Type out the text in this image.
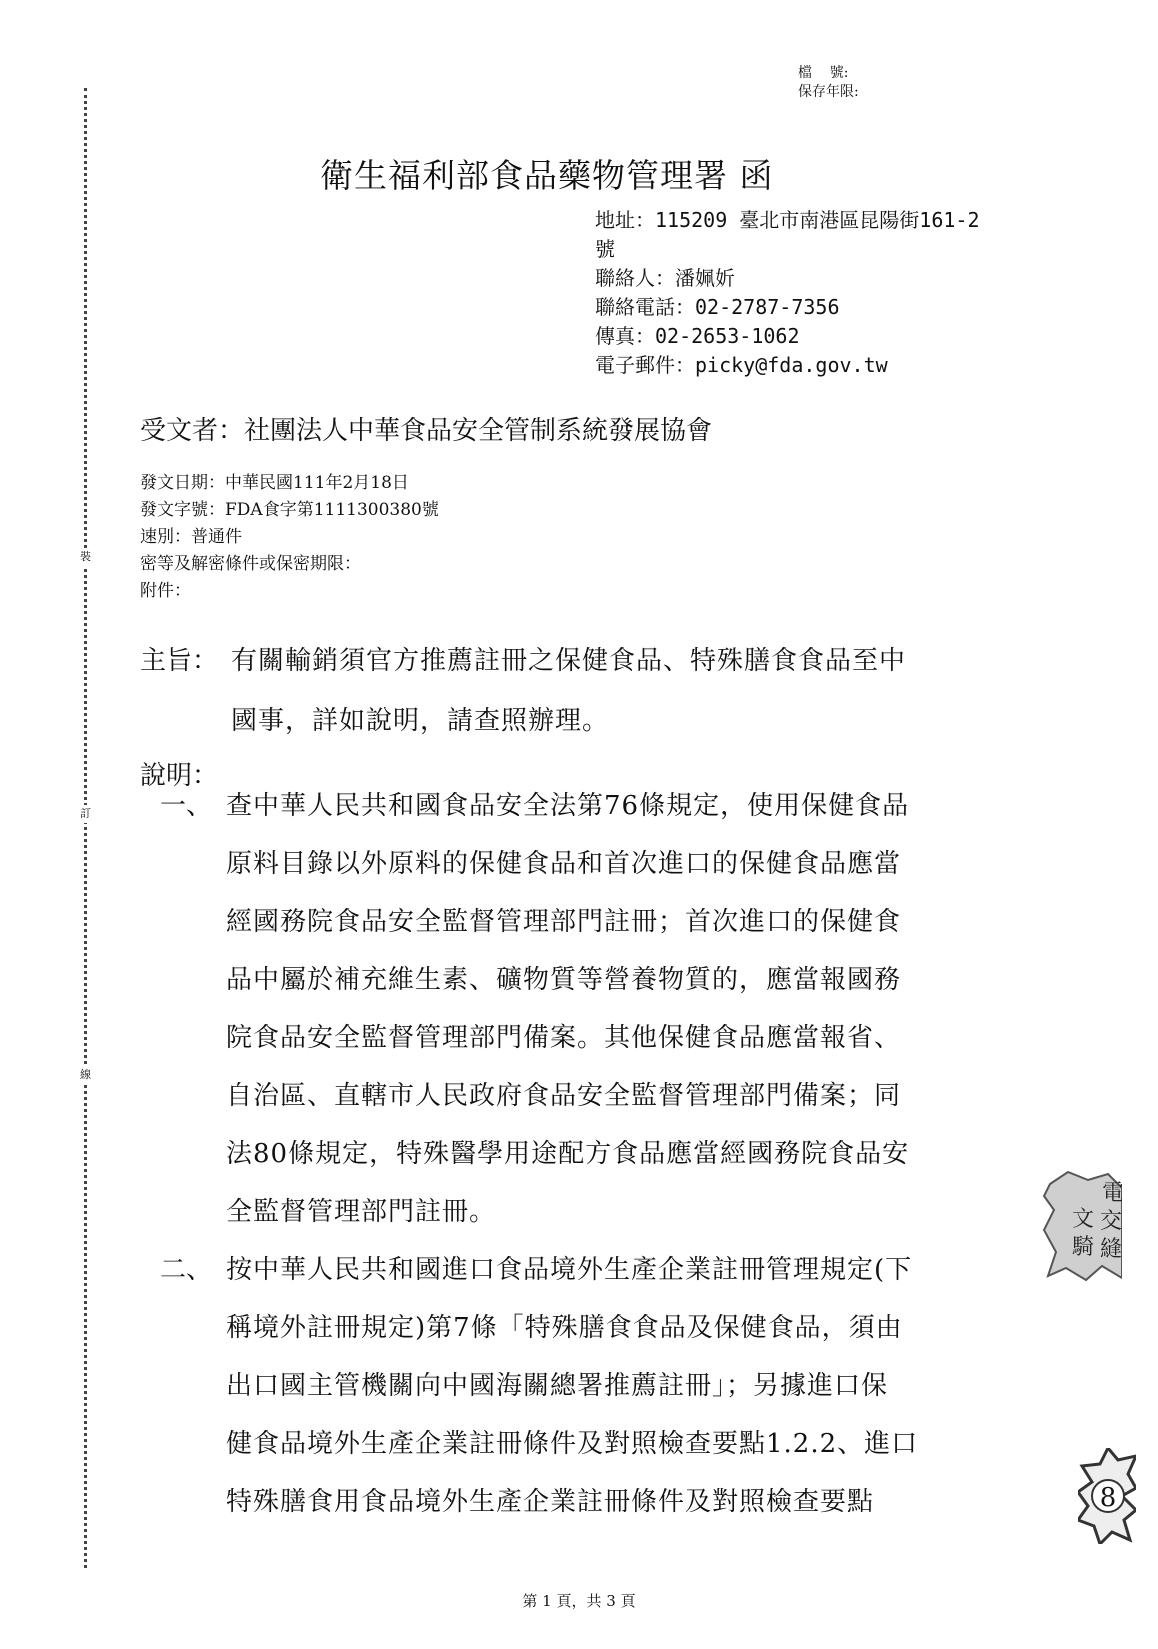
裝
訂
線
檔    號:
保存年限:
衛生福利部食品藥物管理署 函
地址：115209 臺北市南港區昆陽街161-2
號
聯絡人：潘姵妡
聯絡電話：02-2787-7356
傳真：02-2653-1062
電子郵件：picky@fda.gov.tw
受文者：社團法人中華食品安全管制系統發展協會
發文日期：中華民國111年2月18日
發文字號：FDA食字第1111300380號
速別：普通件
密等及解密條件或保密期限：
附件：
主旨： 有關輸銷須官方推薦註冊之保健食品、特殊膳食食品至中
國事，詳如說明，請查照辦理。
說明：
一、 查中華人民共和國食品安全法第76條規定，使用保健食品
原料目錄以外原料的保健食品和首次進口的保健食品應當
經國務院食品安全監督管理部門註冊；首次進口的保健食
品中屬於補充維生素、礦物質等營養物質的，應當報國務
院食品安全監督管理部門備案。其他保健食品應當報省、
自治區、直轄市人民政府食品安全監督管理部門備案；同
法80條規定，特殊醫學用途配方食品應當經國務院食品安
全監督管理部門註冊。
二、 按中華人民共和國進口食品境外生產企業註冊管理規定(下
稱境外註冊規定)第7條「特殊膳食食品及保健食品，須由
出口國主管機關向中國海關總署推薦註冊」；另據進口保
健食品境外生產企業註冊條件及對照檢查要點1.2.2、進口
特殊膳食用食品境外生產企業註冊條件及對照檢查要點
電
文 交
騎 縫
8
第 1 頁，共 3 頁
